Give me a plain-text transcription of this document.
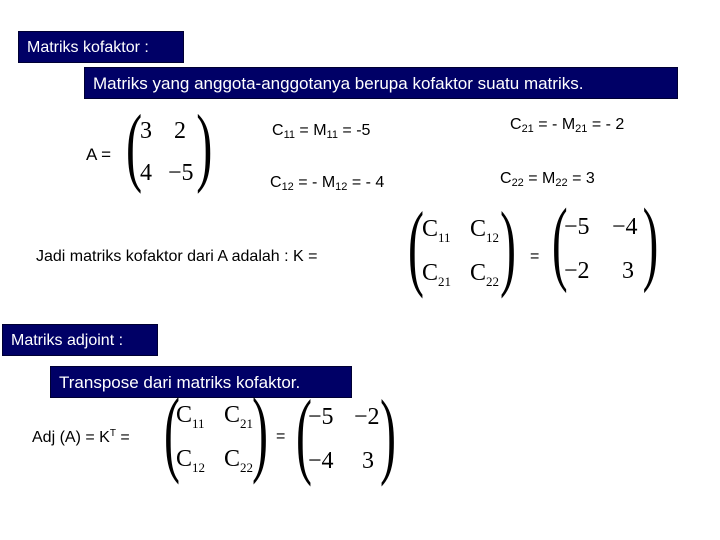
Matriks kofaktor :
Matriks yang anggota-anggotanya berupa kofaktor suatu matriks.
A = ( )
3 2
4 −5
$C_{11} = M_{11} = -5$
$C_{12}$ = - $M_{12}$ = - 4
$C_{21}$ = - $M_{21}$ = - 2
$C_{22} = M_{22} = 3$
Jadi matriks kofaktor dari A adalah : K = ( )
$C_{11}$ $C_{12}$
$C_{21}$ $C_{22}$
= ( )
−5 −4
−2 3
Matriks adjoint :
Transpose dari matriks kofaktor.
Adj $(A) = K^T$ = ( )
$C_{11}$ $C_{21}$
$C_{12}$ $C_{22}$
= ( )
−5 −2
−4 3
